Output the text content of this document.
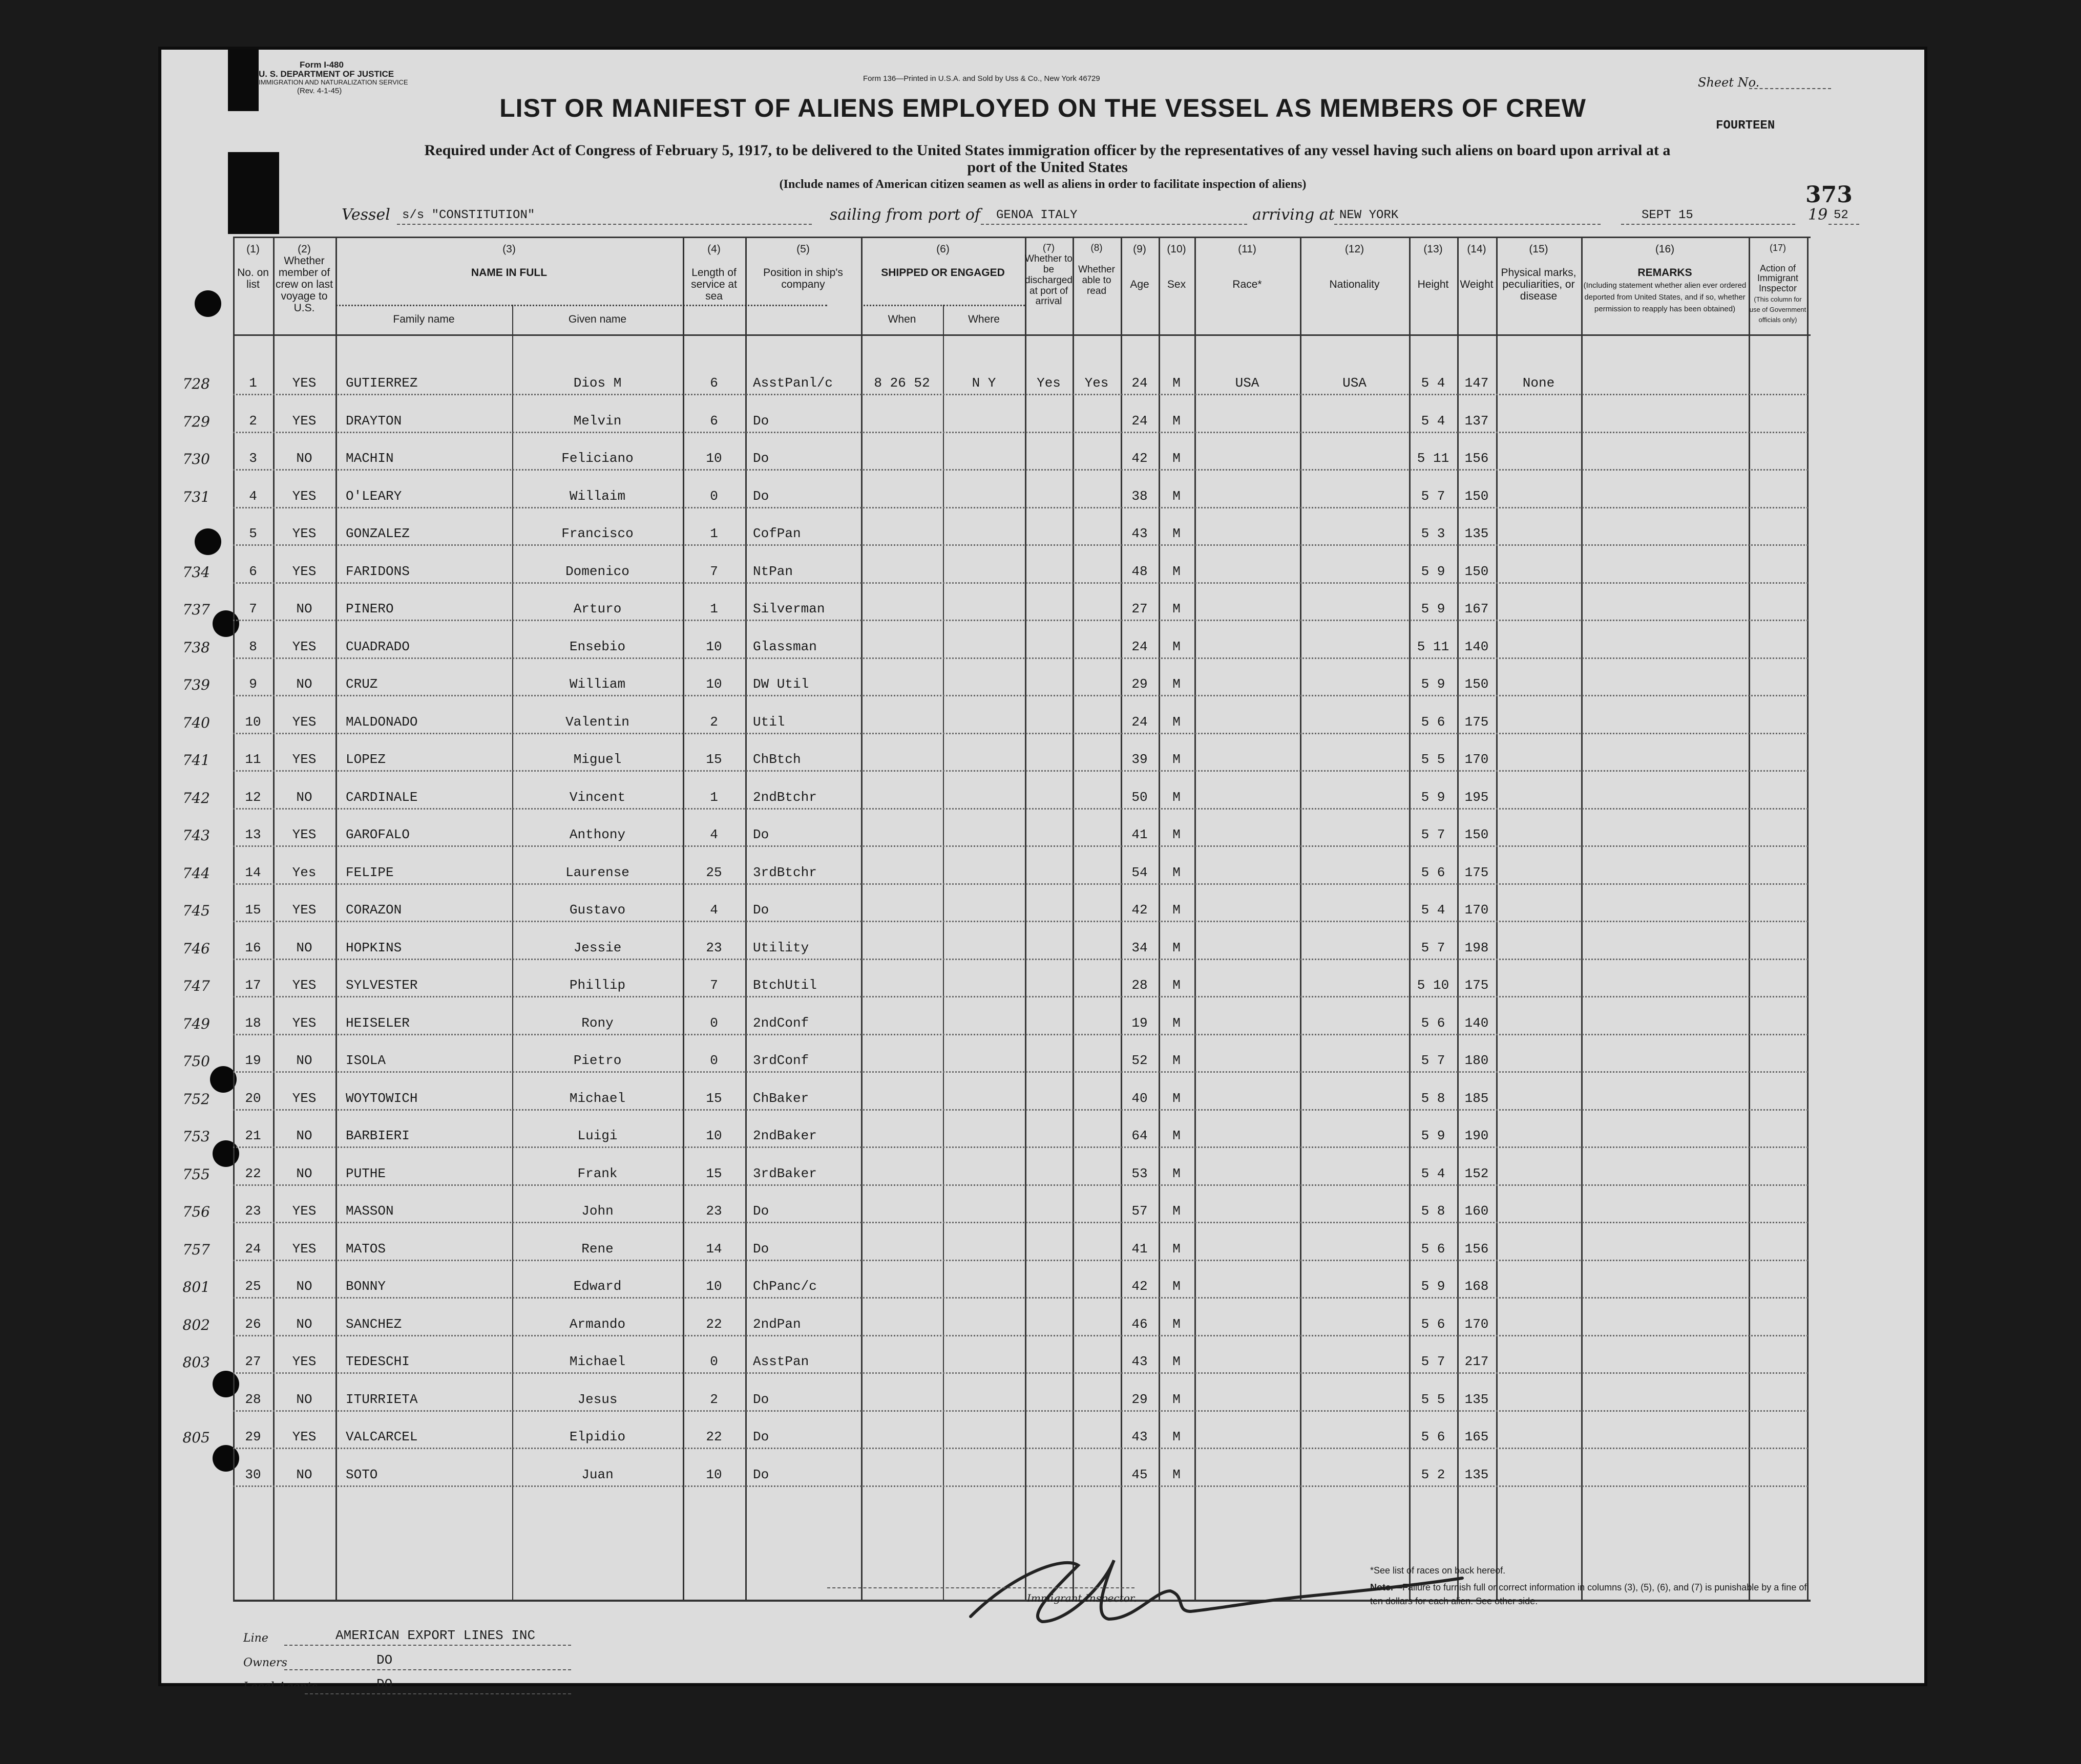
Form I-480
U. S. DEPARTMENT OF JUSTICE
IMMIGRATION AND NATURALIZATION SERVICE
(Rev. 4-1-45)
Form 136—Printed in U.S.A. and Sold by Uss & Co., New York 46729	Sheet No.
FOURTEEN
373
LIST OR MANIFEST OF ALIENS EMPLOYED ON THE VESSEL AS MEMBERS OF CREW
Required under Act of Congress of February 5, 1917, to be delivered to the United States immigration officer by the representatives of any vessel having such aliens on board upon arrival at a
port of the United States
(Include names of American citizen seamen as well as aliens in order to facilitate inspection of aliens)
Vessel s/s "CONSTITUTION"	sailing from port of GENOA ITALY	arriving at NEW YORK	SEPT 15	19 52
(1)

No. on list
(2)
Whether member of crew on last voyage to U.S.
(3)

NAME IN FULL
Family name	Given name
(4)

Length of service at sea
(5)

Position in ship's company
(6)

SHIPPED OR ENGAGED
When	Where
(7)
Whether to be discharged at port of arrival
(8)

Whether able to read
(9)

Age
(10)

Sex
(11)

Race*
(12)

Nationality
(13)

Height
(14)

Weight
(15)

Physical marks, peculiarities, or disease
(16)

REMARKS
(Including statement whether alien ever ordered deported from United States, and if so, whether permission to reapply has been obtained)
(17)

Action of Immigrant Inspector
(This column for use of Government officials only)
728	1	YES	GUTIERREZ	Dios M	6	AsstPanl/c	8 26 52	N Y	Yes	Yes	24	M	USA	USA	5 4	147	None
729	2	YES	DRAYTON	Melvin	6	Do	24	M	5 4	137
730	3	NO	MACHIN	Feliciano	10	Do	42	M	5 11	156
731	4	YES	O'LEARY	Willaim	0	Do	38	M	5 7	150
5	YES	GONZALEZ	Francisco	1	CofPan	43	M	5 3	135
734	6	YES	FARIDONS	Domenico	7	NtPan	48	M	5 9	150
737	7	NO	PINERO	Arturo	1	Silverman	27	M	5 9	167
738	8	YES	CUADRADO	Ensebio	10	Glassman	24	M	5 11	140
739	9	NO	CRUZ	William	10	DW Util	29	M	5 9	150
740	10	YES	MALDONADO	Valentin	2	Util	24	M	5 6	175
741	11	YES	LOPEZ	Miguel	15	ChBtch	39	M	5 5	170
742	12	NO	CARDINALE	Vincent	1	2ndBtchr	50	M	5 9	195
743	13	YES	GAROFALO	Anthony	4	Do	41	M	5 7	150
744	14	Yes	FELIPE	Laurense	25	3rdBtchr	54	M	5 6	175
745	15	YES	CORAZON	Gustavo	4	Do	42	M	5 4	170
746	16	NO	HOPKINS	Jessie	23	Utility	34	M	5 7	198
747	17	YES	SYLVESTER	Phillip	7	BtchUtil	28	M	5 10	175
749	18	YES	HEISELER	Rony	0	2ndConf	19	M	5 6	140
750	19	NO	ISOLA	Pietro	0	3rdConf	52	M	5 7	180
752	20	YES	WOYTOWICH	Michael	15	ChBaker	40	M	5 8	185
753	21	NO	BARBIERI	Luigi	10	2ndBaker	64	M	5 9	190
755	22	NO	PUTHE	Frank	15	3rdBaker	53	M	5 4	152
756	23	YES	MASSON	John	23	Do	57	M	5 8	160
757	24	YES	MATOS	Rene	14	Do	41	M	5 6	156
801	25	NO	BONNY	Edward	10	ChPanc/c	42	M	5 9	168
802	26	NO	SANCHEZ	Armando	22	2ndPan	46	M	5 6	170
803	27	YES	TEDESCHI	Michael	0	AsstPan	43	M	5 7	217
28	NO	ITURRIETA	Jesus	2	Do	29	M	5 5	135
805	29	YES	VALCARCEL	Elpidio	22	Do	43	M	5 6	165
30	NO	SOTO	Juan	10	Do	45	M	5 2	135
Line	AMERICAN EXPORT LINES INC
Owners	DO
Local Agents	DO
Immigrant Inspector.
*See list of races on back hereof.
Note.—Failure to furnish full or correct information in columns (3), (5), (6), and (7) is punishable by a fine of ten dollars for each alien. See other side.
